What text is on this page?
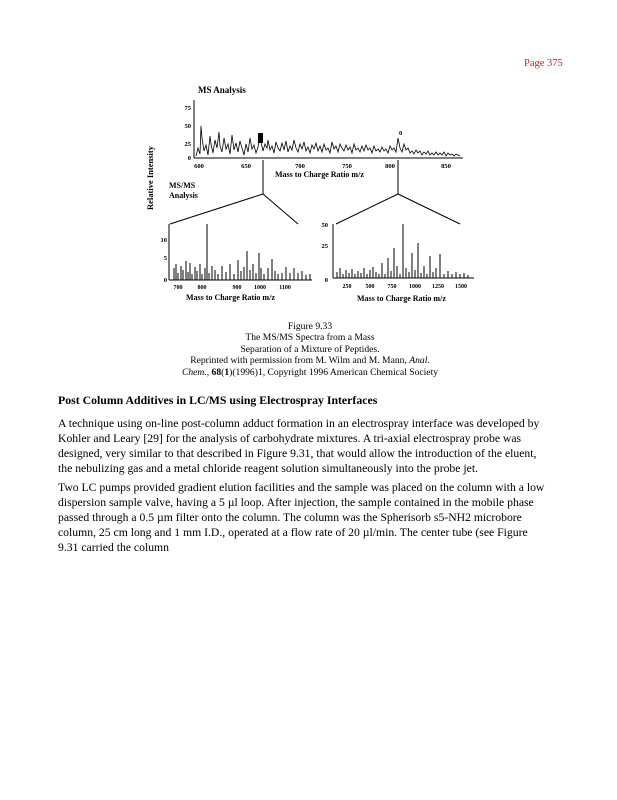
Page 375
MS Analysis
75
50
25
0
600	650	700	750	800	850
Mass to Charge Ratio m/z
0
Relative Intensity MS/MS
Analysis
10
5
0
700	800	900 1000 1100
Mass to Charge Ratio m/z
50
25
0
250 500 750 1000 1250 1500
Mass to Charge Ratio m/z
Figure 9.33
The MS/MS Spectra from a Mass
Separation of a Mixture of Peptides.
Reprinted with permission from M. Wilm and M. Mann, Anal.
Chem., 68(1)(1996)1, Copyright 1996 American Chemical Society
Post Column Additives in LC/MS using Electrospray Interfaces
A technique using on-line post-column adduct formation in an electrospray interface was developed by
Kohler and Leary [29] for the analysis of carbohydrate mixtures. A tri-axial electrospray probe was
designed, very similar to that described in Figure 9.31, that would allow the introduction of the eluent,
the nebulizing gas and a metal chloride reagent solution simultaneously into the probe jet.
Two LC pumps provided gradient elution facilities and the sample was placed on the column with a low
dispersion sample valve, having a 5 µl loop. After injection, the sample contained in the mobile phase
passed through a 0.5 µm filter onto the column. The column was the Spherisorb s5-NH2 microbore
column, 25 cm long and 1 mm I.D., operated at a flow rate of 20 µl/min. The center tube (see Figure
9.31 carried the column
